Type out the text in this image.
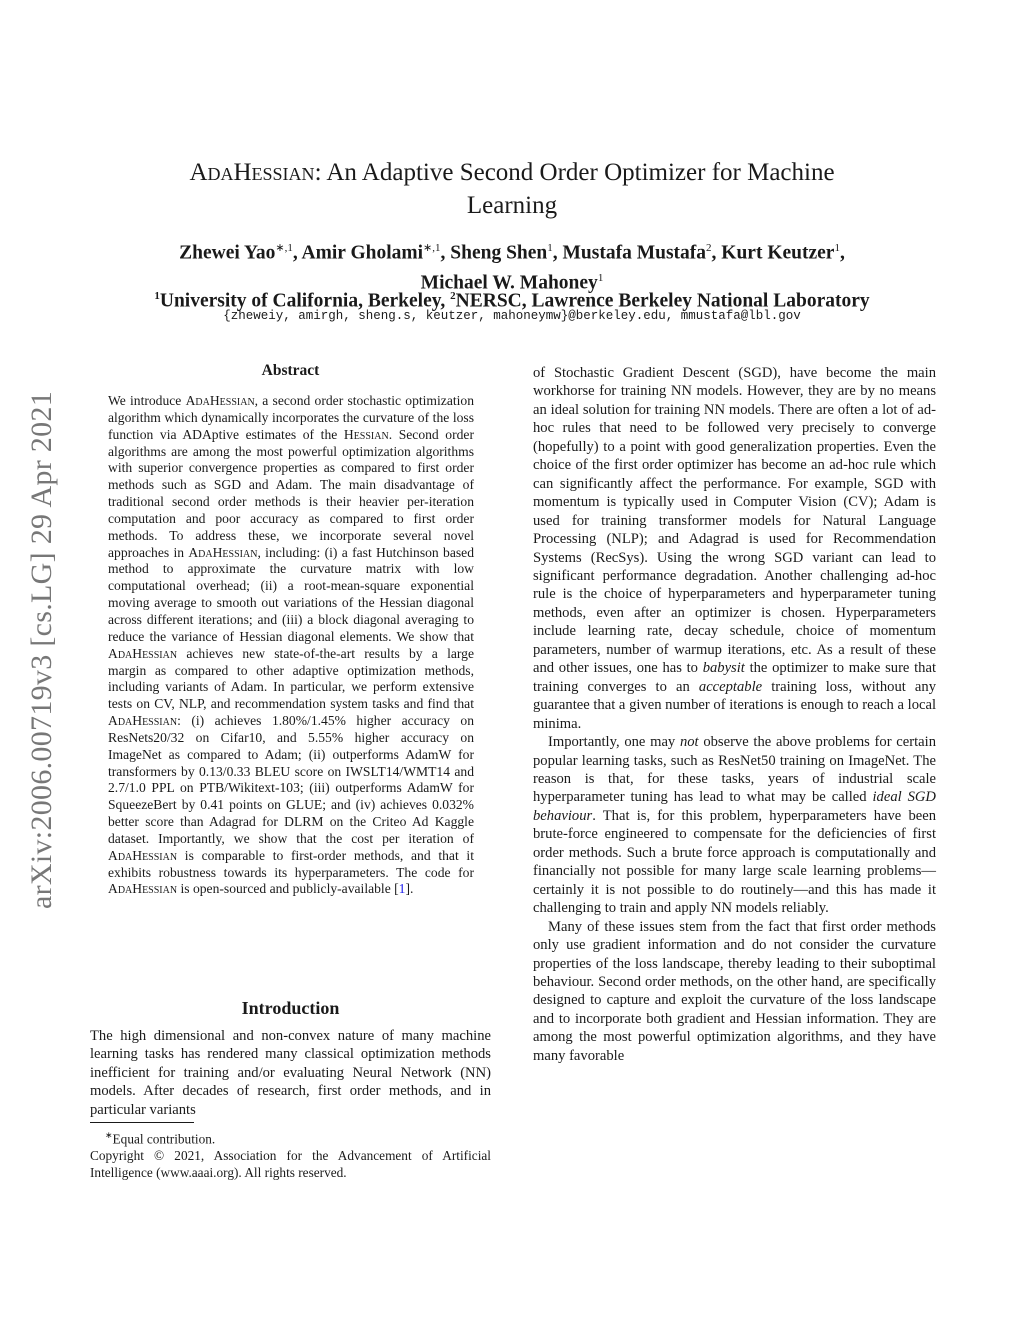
arXiv:2006.00719v3 [cs.LG] 29 Apr 2021
AdaHessian: An Adaptive Second Order Optimizer for Machine
Learning
Zhewei Yao$^{∗,1}$, Amir Gholami$^{∗,1}$, Sheng Shen$^1$, Mustafa Mustafa$^2$, Kurt Keutzer$^1$,
Michael W. Mahoney$^1$
$^1$University of California, Berkeley, $^2$NERSC, Lawrence Berkeley National Laboratory
{zheweiy, amirgh, sheng.s, keutzer, mahoneymw}@berkeley.edu, mmustafa@lbl.gov
Abstract

We introduce AdaHessian, a second order stochastic optimization algorithm which dynamically incorporates the curvature of the loss function via ADAptive estimates of the Hessian. Second order algorithms are among the most powerful optimization algorithms with superior convergence properties as compared to first order methods such as SGD and Adam. The main disadvantage of traditional second order methods is their heavier per-iteration computation and poor accuracy as compared to first order methods. To address these, we incorporate several novel approaches in AdaHessian, including: (i) a fast Hutchinson based method to approximate the curvature matrix with low computational overhead; (ii) a root-mean-square exponential moving average to smooth out variations of the Hessian diagonal across different iterations; and (iii) a block diagonal averaging to reduce the variance of Hessian diagonal elements. We show that AdaHessian achieves new state-of-the-art results by a large margin as compared to other adaptive optimization methods, including variants of Adam. In particular, we perform extensive tests on CV, NLP, and recommendation system tasks and find that AdaHessian: (i) achieves 1.80%/1.45% higher accuracy on ResNets20/32 on Cifar10, and 5.55% higher accuracy on ImageNet as compared to Adam; (ii) outperforms AdamW for transformers by 0.13/0.33 BLEU score on IWSLT14/WMT14 and 2.7/1.0 PPL on PTB/Wikitext-103; (iii) outperforms AdamW for SqueezeBert by 0.41 points on GLUE; and (iv) achieves 0.032% better score than Adagrad for DLRM on the Criteo Ad Kaggle dataset. Importantly, we show that the cost per iteration of AdaHessian is comparable to first-order methods, and that it exhibits robustness towards its hyperparameters. The code for AdaHessian is open-sourced and publicly-available [1].

Introduction

The high dimensional and non-convex nature of many machine learning tasks has rendered many classical optimization methods inefficient for training and/or evaluating Neural Network (NN) models. After decades of research, first order methods, and in particular variants

∗Equal contribution.

Copyright © 2021, Association for the Advancement of Artificial Intelligence (www.aaai.org). All rights reserved.

of Stochastic Gradient Descent (SGD), have become the main workhorse for training NN models. However, they are by no means an ideal solution for training NN models. There are often a lot of ad-hoc rules that need to be followed very precisely to converge (hopefully) to a point with good generalization properties. Even the choice of the first order optimizer has become an ad-hoc rule which can significantly affect the performance. For example, SGD with momentum is typically used in Computer Vision (CV); Adam is used for training transformer models for Natural Language Processing (NLP); and Adagrad is used for Recommendation Systems (RecSys). Using the wrong SGD variant can lead to significant performance degradation. Another challenging ad-hoc rule is the choice of hyperparameters and hyperparameter tuning methods, even after an optimizer is chosen. Hyperparameters include learning rate, decay schedule, choice of momentum parameters, number of warmup iterations, etc. As a result of these and other issues, one has to babysit the optimizer to make sure that training converges to an acceptable training loss, without any guarantee that a given number of iterations is enough to reach a local minima.

Importantly, one may not observe the above problems for certain popular learning tasks, such as ResNet50 training on ImageNet. The reason is that, for these tasks, years of industrial scale hyperparameter tuning has lead to what may be called ideal SGD behaviour. That is, for this problem, hyperparameters have been brute-force engineered to compensate for the deficiencies of first order methods. Such a brute force approach is computationally and financially not possible for many large scale learning problems—certainly it is not possible to do routinely—and this has made it challenging to train and apply NN models reliably.

Many of these issues stem from the fact that first order methods only use gradient information and do not consider the curvature properties of the loss landscape, thereby leading to their suboptimal behaviour. Second order methods, on the other hand, are specifically designed to capture and exploit the curvature of the loss landscape and to incorporate both gradient and Hessian information. They are among the most powerful optimization algorithms, and they have many favorable
